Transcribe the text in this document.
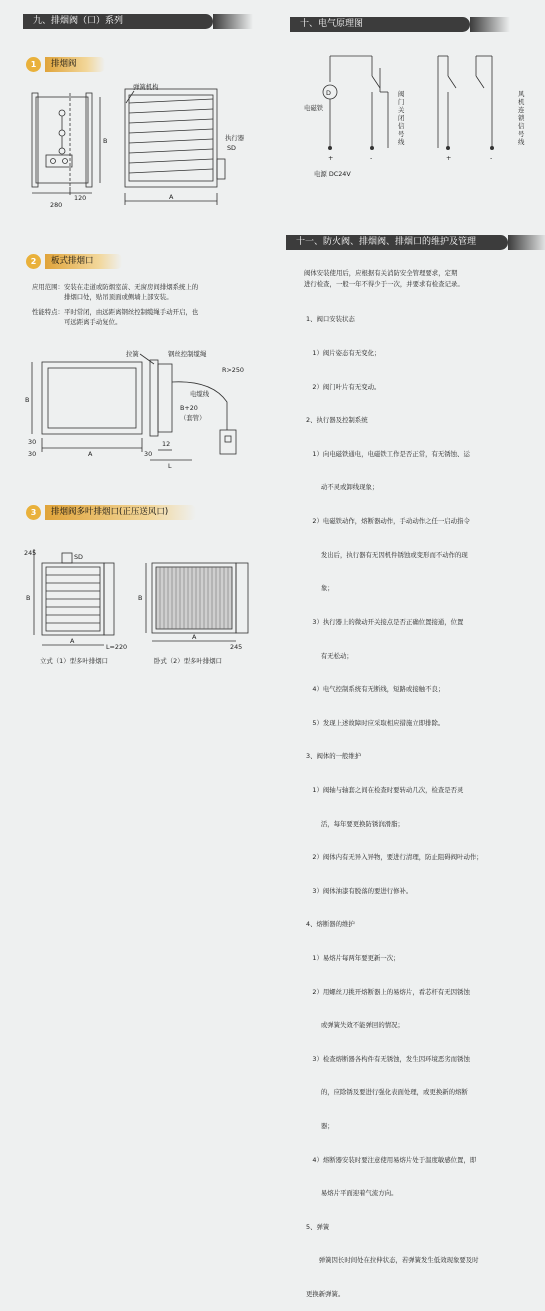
九、排烟阀（口）系列	十、电气原理图
1	排烟阀
弹簧机构
B
120
280
A
执行器
SD
2	板式排烟口
应用范围：安装在走道或防烟室前、无窗房间排烟系统上的
　　　　　排烟口处，贴吊顶面或侧墙上部安装。
性能特点：平时常闭，由远距离钢丝控制缆绳手动开启，也
　　　　　可远距离手动复位。
拉簧	钢丝控制缆绳
R>250
电缆线
B+20
（套管）
B
A
30
30	30
12
L
3	排烟阀多叶排烟口(正压送风口)
SD
245
B
A
L=220
A
245
B
立式（1）型多叶排烟口	卧式（2）型多叶排烟口
D
电磁铁
+	-	+	-
电源 DC24V
阀门关闭信号线
风机连锁信号线
十一、防火阀、排烟阀、排烟口的维护及管理
阀体安装使用后，应根据有关消防安全管理要求，定期
进行检查，一般一年不得少于一次，并要求有检查记录。

1、阀口安装状态

　1）阀片姿态有无变化；

　2）阀门叶片有无变动。

2、执行器及控制系统

　1）向电磁铁通电，电磁铁工作是否正常，有无锈蚀、运

　　 动不灵或卸线现象；

　2）电磁铁动作，熔断器动作，手动动作之任一启动指令

　　 发出后，执行器有无因机件锈蚀或变形而不动作的现

　　 象；

　3）执行器上的微动开关接点是否正确位置接通，位置

　　 有无松动；

　4）电气控制系统有无断线，短路或接触不良；

　5）发现上述故障时应采取相应措施立即排除。

3、阀体的一般维护

　1）阀轴与轴套之间在检查时要转动几次，检查是否灵

　　 活，每年要更换防锈润滑脂；

　2）阀体内有无异入异物，要进行清理，防止阻碍阀叶动作；

　3）阀体油漆有脱落的要进行修补。

4、熔断器的维护

　1）易熔片每两年要更新一次；

　2）用螺丝刀挑开熔断器上的易熔片，看芯杆有无因锈蚀

　　 或弹簧失效不能弹回的情况；

　3）检查熔断器各构件有无锈蚀，发生因环境恶劣而锈蚀

　　 的，应除锈及要进行强化表面处理，或更换新的熔断

　　 器；

　4）熔断器安装时要注意使用易熔片处于温度敏感位置，即

　　 易熔片平面迎着气流方向。

5、弹簧

　　弹簧因长时间处在拉伸状态，若弹簧发生低效现象要及时

更换新弹簧。
